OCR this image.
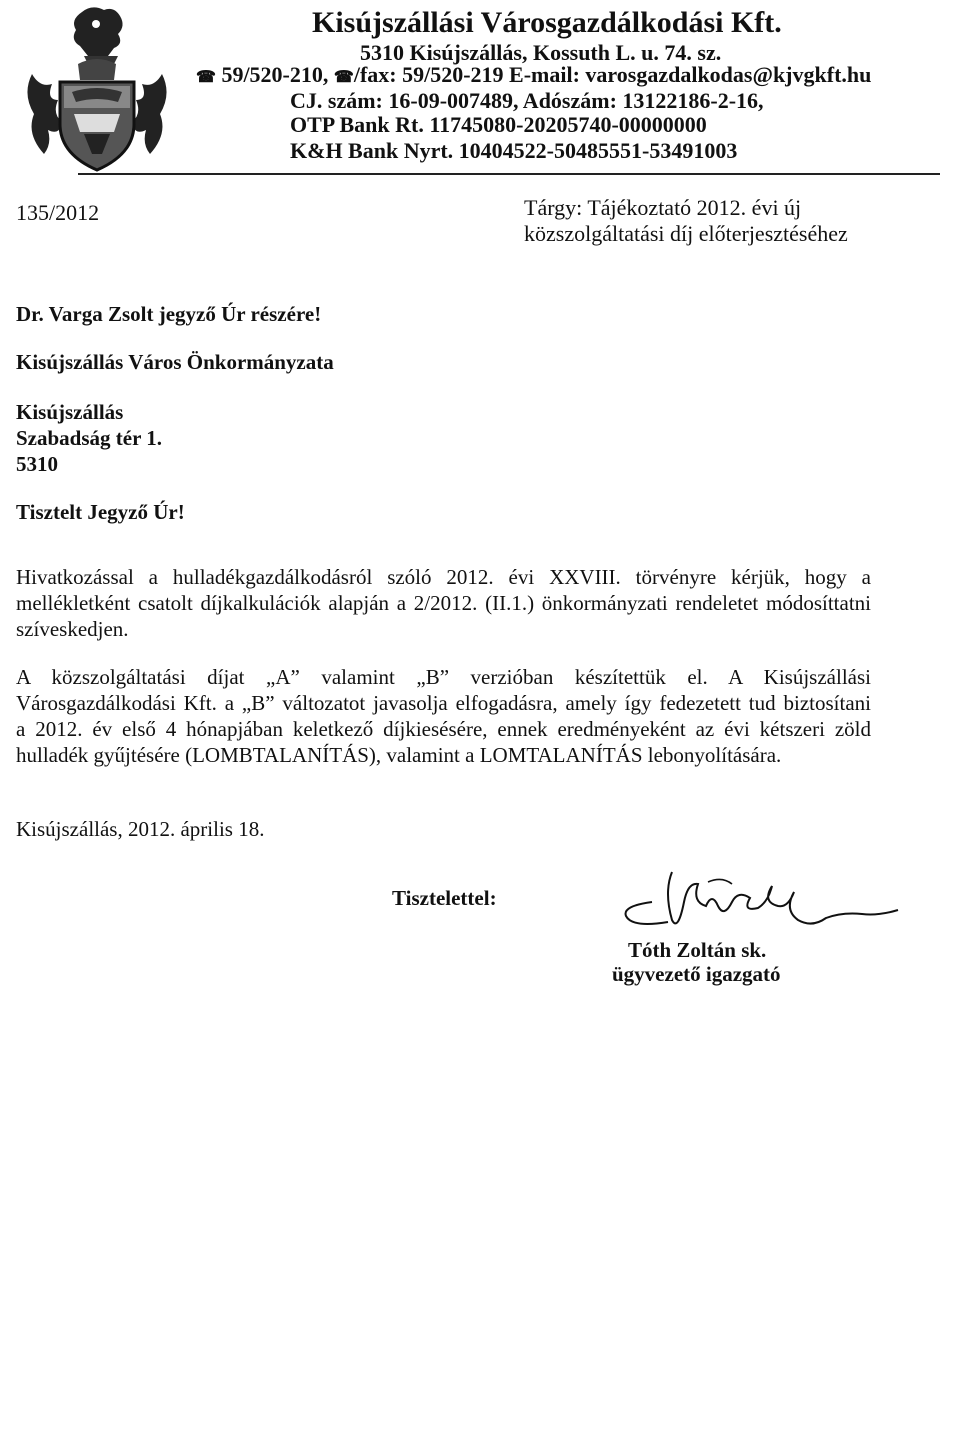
Kisújszállási Városgazdálkodási Kft.
5310 Kisújszállás, Kossuth L. u. 74. sz.
☎ 59/520-210, ☎/fax: 59/520-219 E-mail: varosgazdalkodas@kjvgkft.hu
CJ. szám: 16-09-007489, Adószám: 13122186-2-16,
OTP Bank Rt. 11745080-20205740-00000000
K&H Bank Nyrt. 10404522-50485551-53491003
135/2012	Tárgy: Tájékoztató 2012. évi új
közszolgáltatási díj előterjesztéséhez
Dr. Varga Zsolt jegyző Úr részére!
Kisújszállás Város Önkormányzata
Kisújszállás
Szabadság tér 1.
5310
Tisztelt Jegyző Úr!
Hivatkozással a hulladékgazdálkodásról szóló 2012. évi XXVIII. törvényre kérjük, hogy a
mellékletként csatolt díjkalkulációk alapján a 2/2012. (II.1.) önkormányzati rendeletet módosíttatni
szíveskedjen.
A közszolgáltatási díjat „A” valamint „B” verzióban készítettük el. A Kisújszállási
Városgazdálkodási Kft. a „B” változatot javasolja elfogadásra, amely így fedezetett tud biztosítani
a 2012. év első 4 hónapjában keletkező díjkiesésére, ennek eredményeként az évi kétszeri zöld
hulladék gyűjtésére (LOMBTALANÍTÁS), valamint a LOMTALANÍTÁS lebonyolítására.
Kisújszállás, 2012. április 18.
Tisztelettel:
Tóth Zoltán sk.
ügyvezető igazgató
